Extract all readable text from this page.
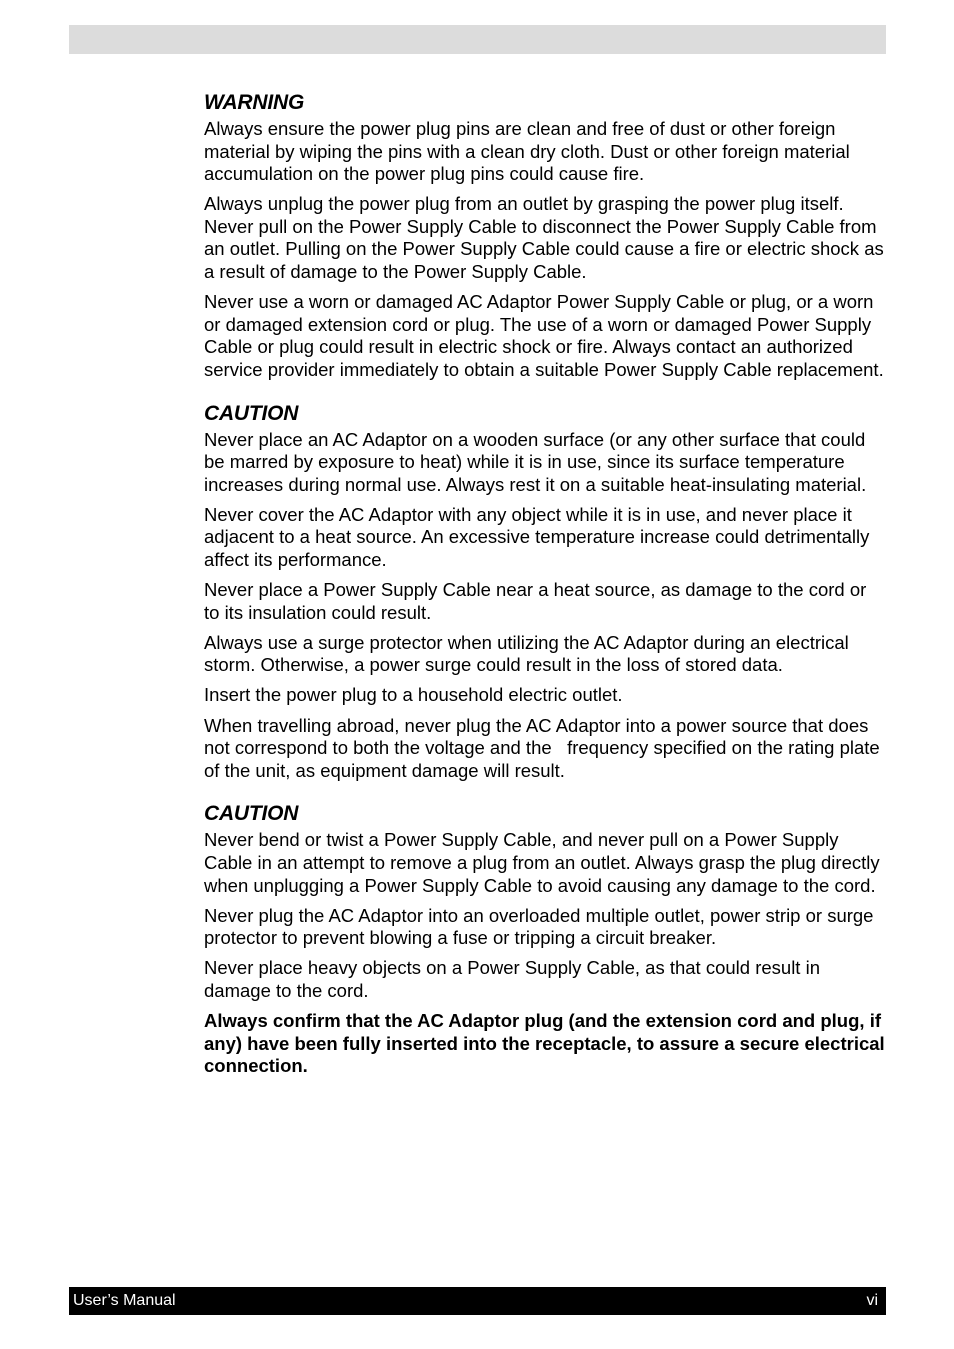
WARNING

Always ensure the power plug pins are clean and free of dust or other foreign material by wiping the pins with a clean dry cloth. Dust or other foreign material accumulation on the power plug pins could cause fire.

Always unplug the power plug from an outlet by grasping the power plug itself. Never pull on the Power Supply Cable to disconnect the Power Supply Cable from an outlet. Pulling on the Power Supply Cable could cause a fire or electric shock as a result of damage to the Power Supply Cable.

Never use a worn or damaged AC Adaptor Power Supply Cable or plug, or a worn or damaged extension cord or plug. The use of a worn or damaged Power Supply Cable or plug could result in electric shock or fire. Always contact an authorized service provider immediately to obtain a suitable Power Supply Cable replacement.

CAUTION

Never place an AC Adaptor on a wooden surface (or any other surface that could be marred by exposure to heat) while it is in use, since its surface temperature increases during normal use. Always rest it on a suitable heat-insulating material.

Never cover the AC Adaptor with any object while it is in use, and never place it adjacent to a heat source. An excessive temperature increase could detrimentally affect its performance.

Never place a Power Supply Cable near a heat source, as damage to the cord or to its insulation could result.

Always use a surge protector when utilizing the AC Adaptor during an electrical storm. Otherwise, a power surge could result in the loss of stored data.

Insert the power plug to a household electric outlet.

When travelling abroad, never plug the AC Adaptor into a power source that does not correspond to both the voltage and the   frequency specified on the rating plate of the unit, as equipment damage will result.

CAUTION

Never bend or twist a Power Supply Cable, and never pull on a Power Supply Cable in an attempt to remove a plug from an outlet. Always grasp the plug directly when unplugging a Power Supply Cable to avoid causing any damage to the cord.

Never plug the AC Adaptor into an overloaded multiple outlet, power strip or surge protector to prevent blowing a fuse or tripping a circuit breaker.

Never place heavy objects on a Power Supply Cable, as that could result in damage to the cord.

Always confirm that the AC Adaptor plug (and the extension cord and plug, if any) have been fully inserted into the receptacle, to assure a secure electrical connection.

User’s Manual	vi
